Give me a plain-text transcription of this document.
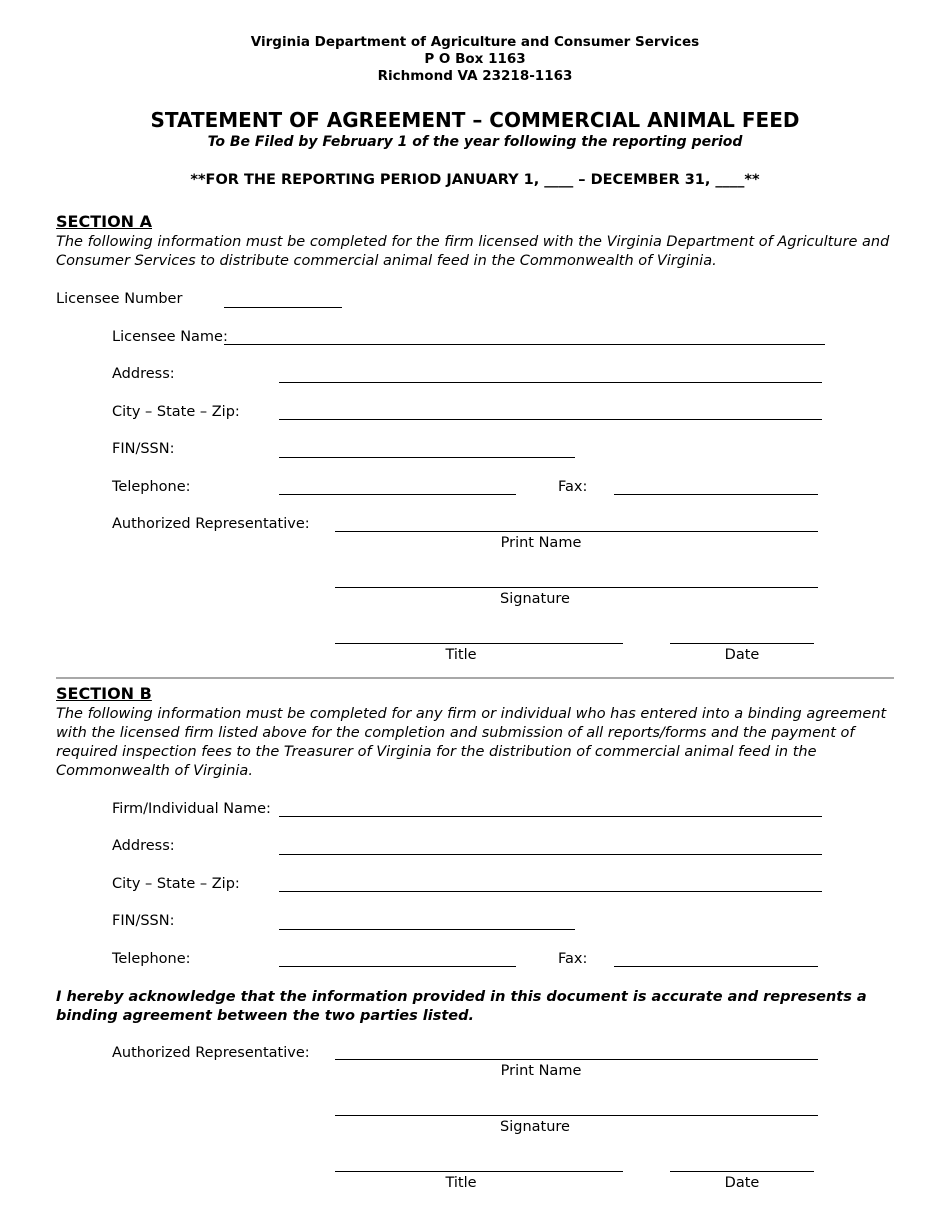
Virginia Department of Agriculture and Consumer Services
P O Box 1163
Richmond VA 23218-1163
STATEMENT OF AGREEMENT – COMMERCIAL ANIMAL FEED
To Be Filed by February 1 of the year following the reporting period
**FOR THE REPORTING PERIOD JANUARY 1, ____ – DECEMBER 31, ____**
SECTION A
The following information must be completed for the firm licensed with the Virginia Department of Agriculture and Consumer Services to distribute commercial animal feed in the Commonwealth of Virginia.
Licensee Number
Licensee Name:
Address:
City – State – Zip:
FIN/SSN:
Telephone:	Fax:
Authorized Representative:
Print Name
Signature
Title	Date
SECTION B
The following information must be completed for any firm or individual who has entered into a binding agreement with the licensed firm listed above for the completion and submission of all reports/forms and the payment of required inspection fees to the Treasurer of Virginia for the distribution of commercial animal feed in the Commonwealth of Virginia.
Firm/Individual Name:
Address:
City – State – Zip:
FIN/SSN:
Telephone:	Fax:
I hereby acknowledge that the information provided in this document is accurate and represents a binding agreement between the two parties listed.
Authorized Representative:
Print Name
Signature
Title	Date
